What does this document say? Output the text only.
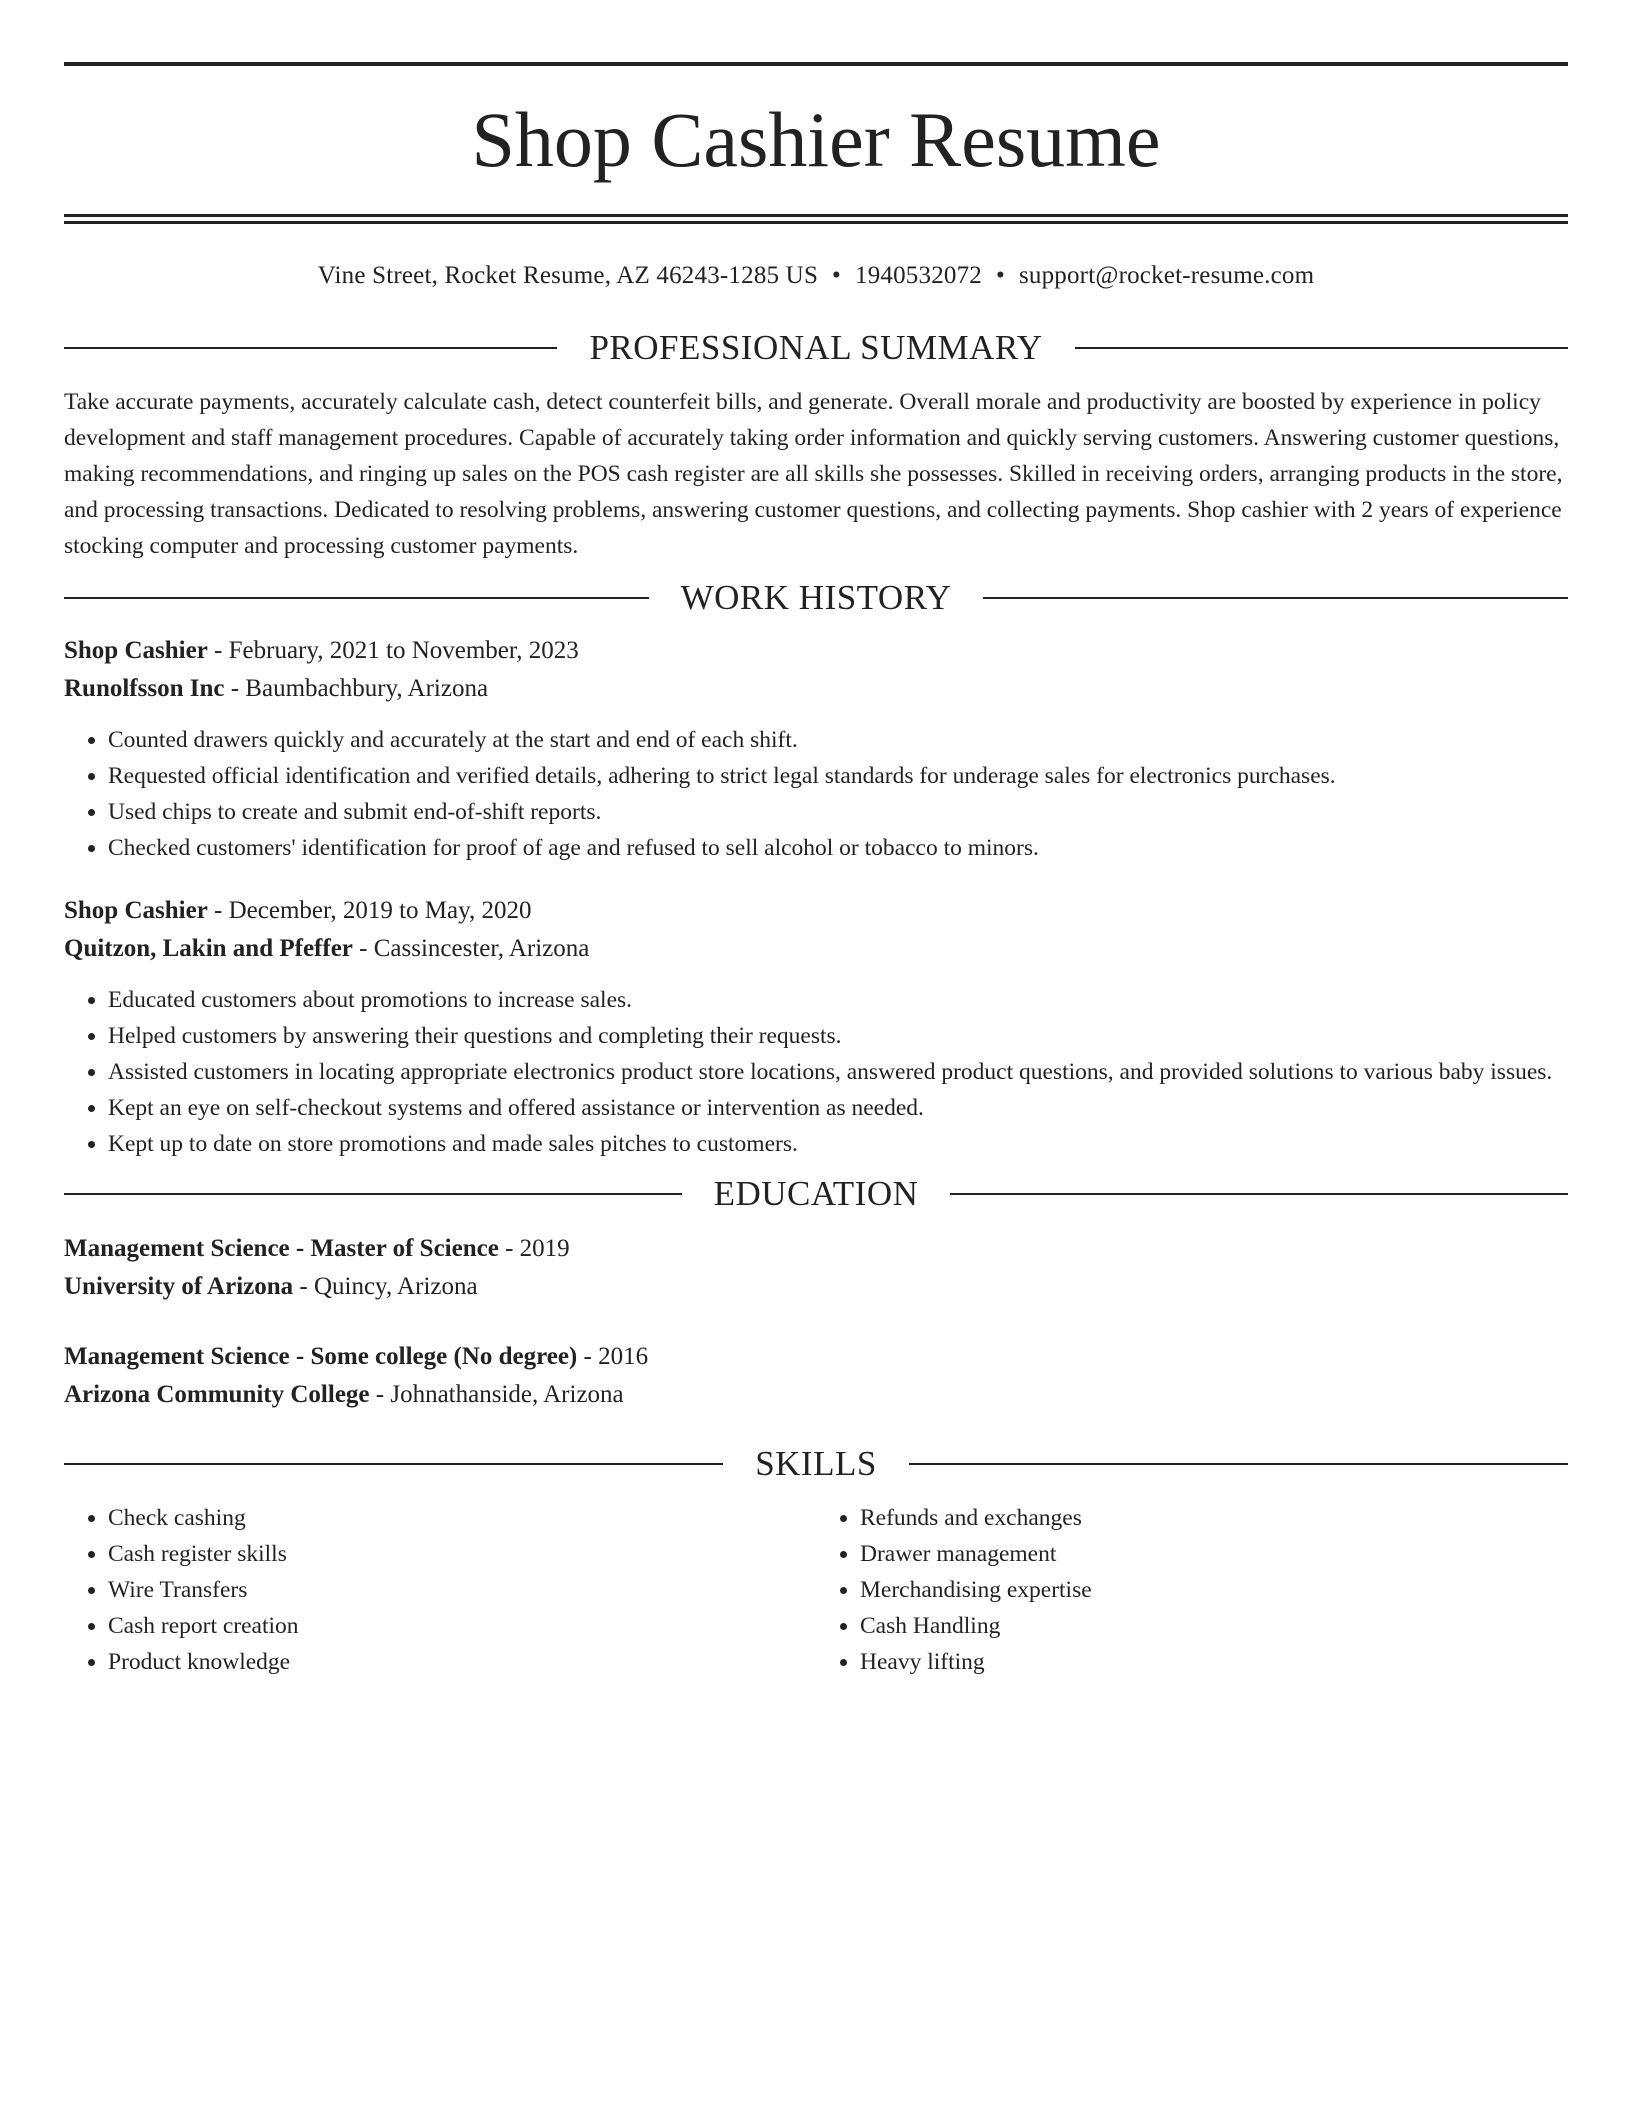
Shop Cashier Resume
Vine Street, Rocket Resume, AZ 46243-1285 US • 1940532072 • support@rocket-resume.com
PROFESSIONAL SUMMARY

Take accurate payments, accurately calculate cash, detect counterfeit bills, and generate. Overall morale and productivity are boosted by experience in policy development and staff management procedures. Capable of accurately taking order information and quickly serving customers. Answering customer questions, making recommendations, and ringing up sales on the POS cash register are all skills she possesses. Skilled in receiving orders, arranging products in the store, and processing transactions. Dedicated to resolving problems, answering customer questions, and collecting payments. Shop cashier with 2 years of experience stocking computer and processing customer payments.

WORK HISTORY
Shop Cashier - February, 2021 to November, 2023
Runolfsson Inc - Baumbachbury, Arizona
• Counted drawers quickly and accurately at the start and end of each shift.
• Requested official identification and verified details, adhering to strict legal standards for underage sales for electronics purchases.
• Used chips to create and submit end-of-shift reports.
• Checked customers' identification for proof of age and refused to sell alcohol or tobacco to minors.
Shop Cashier - December, 2019 to May, 2020
Quitzon, Lakin and Pfeffer - Cassincester, Arizona
• Educated customers about promotions to increase sales.
• Helped customers by answering their questions and completing their requests.
• Assisted customers in locating appropriate electronics product store locations, answered product questions, and provided solutions to various baby issues.
• Kept an eye on self-checkout systems and offered assistance or intervention as needed.
• Kept up to date on store promotions and made sales pitches to customers.
EDUCATION
Management Science - Master of Science - 2019
University of Arizona - Quincy, Arizona
Management Science - Some college (No degree) - 2016
Arizona Community College - Johnathanside, Arizona
SKILLS
• Check cashing
• Cash register skills
• Wire Transfers
• Cash report creation
• Product knowledge
• Refunds and exchanges
• Drawer management
• Merchandising expertise
• Cash Handling
• Heavy lifting
